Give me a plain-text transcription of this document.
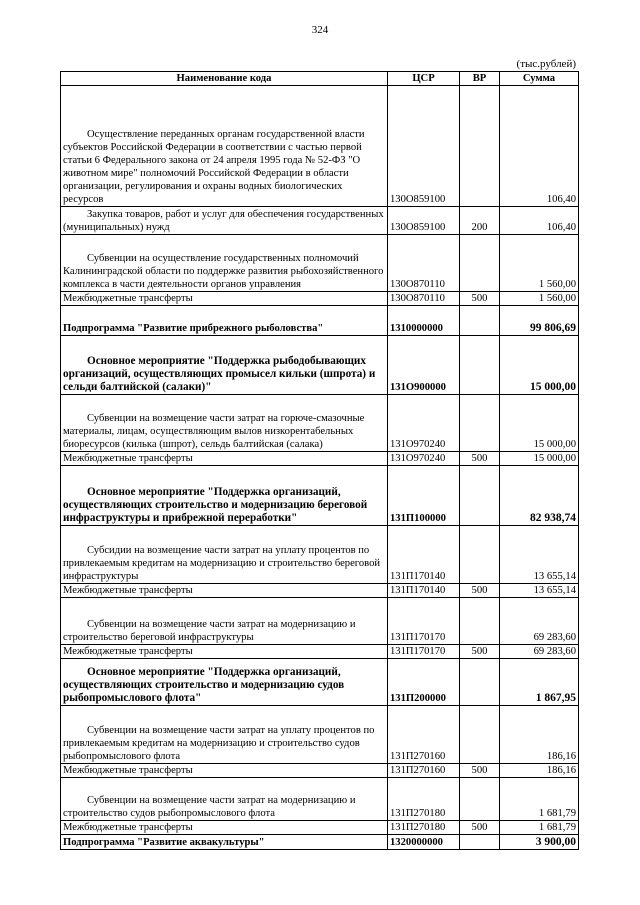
324
(тыс.рублей)
Наименование кода	ЦСР	ВР	Сумма
Осуществление переданных органам государственной власти субъектов Российской Федерации в соответствии с частью первой статьи 6 Федерального закона от 24 апреля 1995 года № 52-ФЗ "О животном мире" полномочий Российской Федерации в области организации, регулирования и охраны водных биологических ресурсов	130О859100		106,40
Закупка товаров, работ и услуг для обеспечения государственных (муниципальных) нужд	130О859100	200	106,40
Субвенции на осуществление государственных полномочий Калининградской области по поддержке развития рыбохозяйственного комплекса в части деятельности органов управления	130О870110		1 560,00
Межбюджетные трансферты	130О870110	500	1 560,00
Подпрограмма "Развитие прибрежного рыболовства"	1310000000		99 806,69
Основное мероприятие "Поддержка рыбодобывающих организаций, осуществляющих промысел кильки (шпрота) и сельди балтийской (салаки)"	131О900000		15 000,00
Субвенции на возмещение части затрат на горюче-смазочные материалы, лицам, осуществляющим вылов низкорентабельных биоресурсов (килька (шпрот), сельдь балтийская (салака)	131О970240		15 000,00
Межбюджетные трансферты	131О970240	500	15 000,00
Основное мероприятие "Поддержка организаций, осуществляющих строительство и модернизацию береговой инфраструктуры и прибрежной переработки"	131П100000		82 938,74
Субсидии на возмещение части затрат на уплату процентов по привлекаемым кредитам на модернизацию и строительство береговой инфраструктуры	131П170140		13 655,14
Межбюджетные трансферты	131П170140	500	13 655,14
Субвенции на возмещение части затрат на модернизацию и строительство береговой инфраструктуры	131П170170		69 283,60
Межбюджетные трансферты	131П170170	500	69 283,60
Основное мероприятие "Поддержка организаций, осуществляющих строительство и модернизацию судов рыбопромыслового флота"	131П200000		1 867,95
Субвенции на возмещение части затрат на уплату процентов по привлекаемым кредитам на модернизацию и строительство судов рыбопромыслового флота	131П270160		186,16
Межбюджетные трансферты	131П270160	500	186,16
Субвенции на возмещение части затрат на модернизацию и строительство судов рыбопромыслового флота	131П270180		1 681,79
Межбюджетные трансферты	131П270180	500	1 681,79
Подпрограмма "Развитие аквакультуры"	1320000000		3 900,00
